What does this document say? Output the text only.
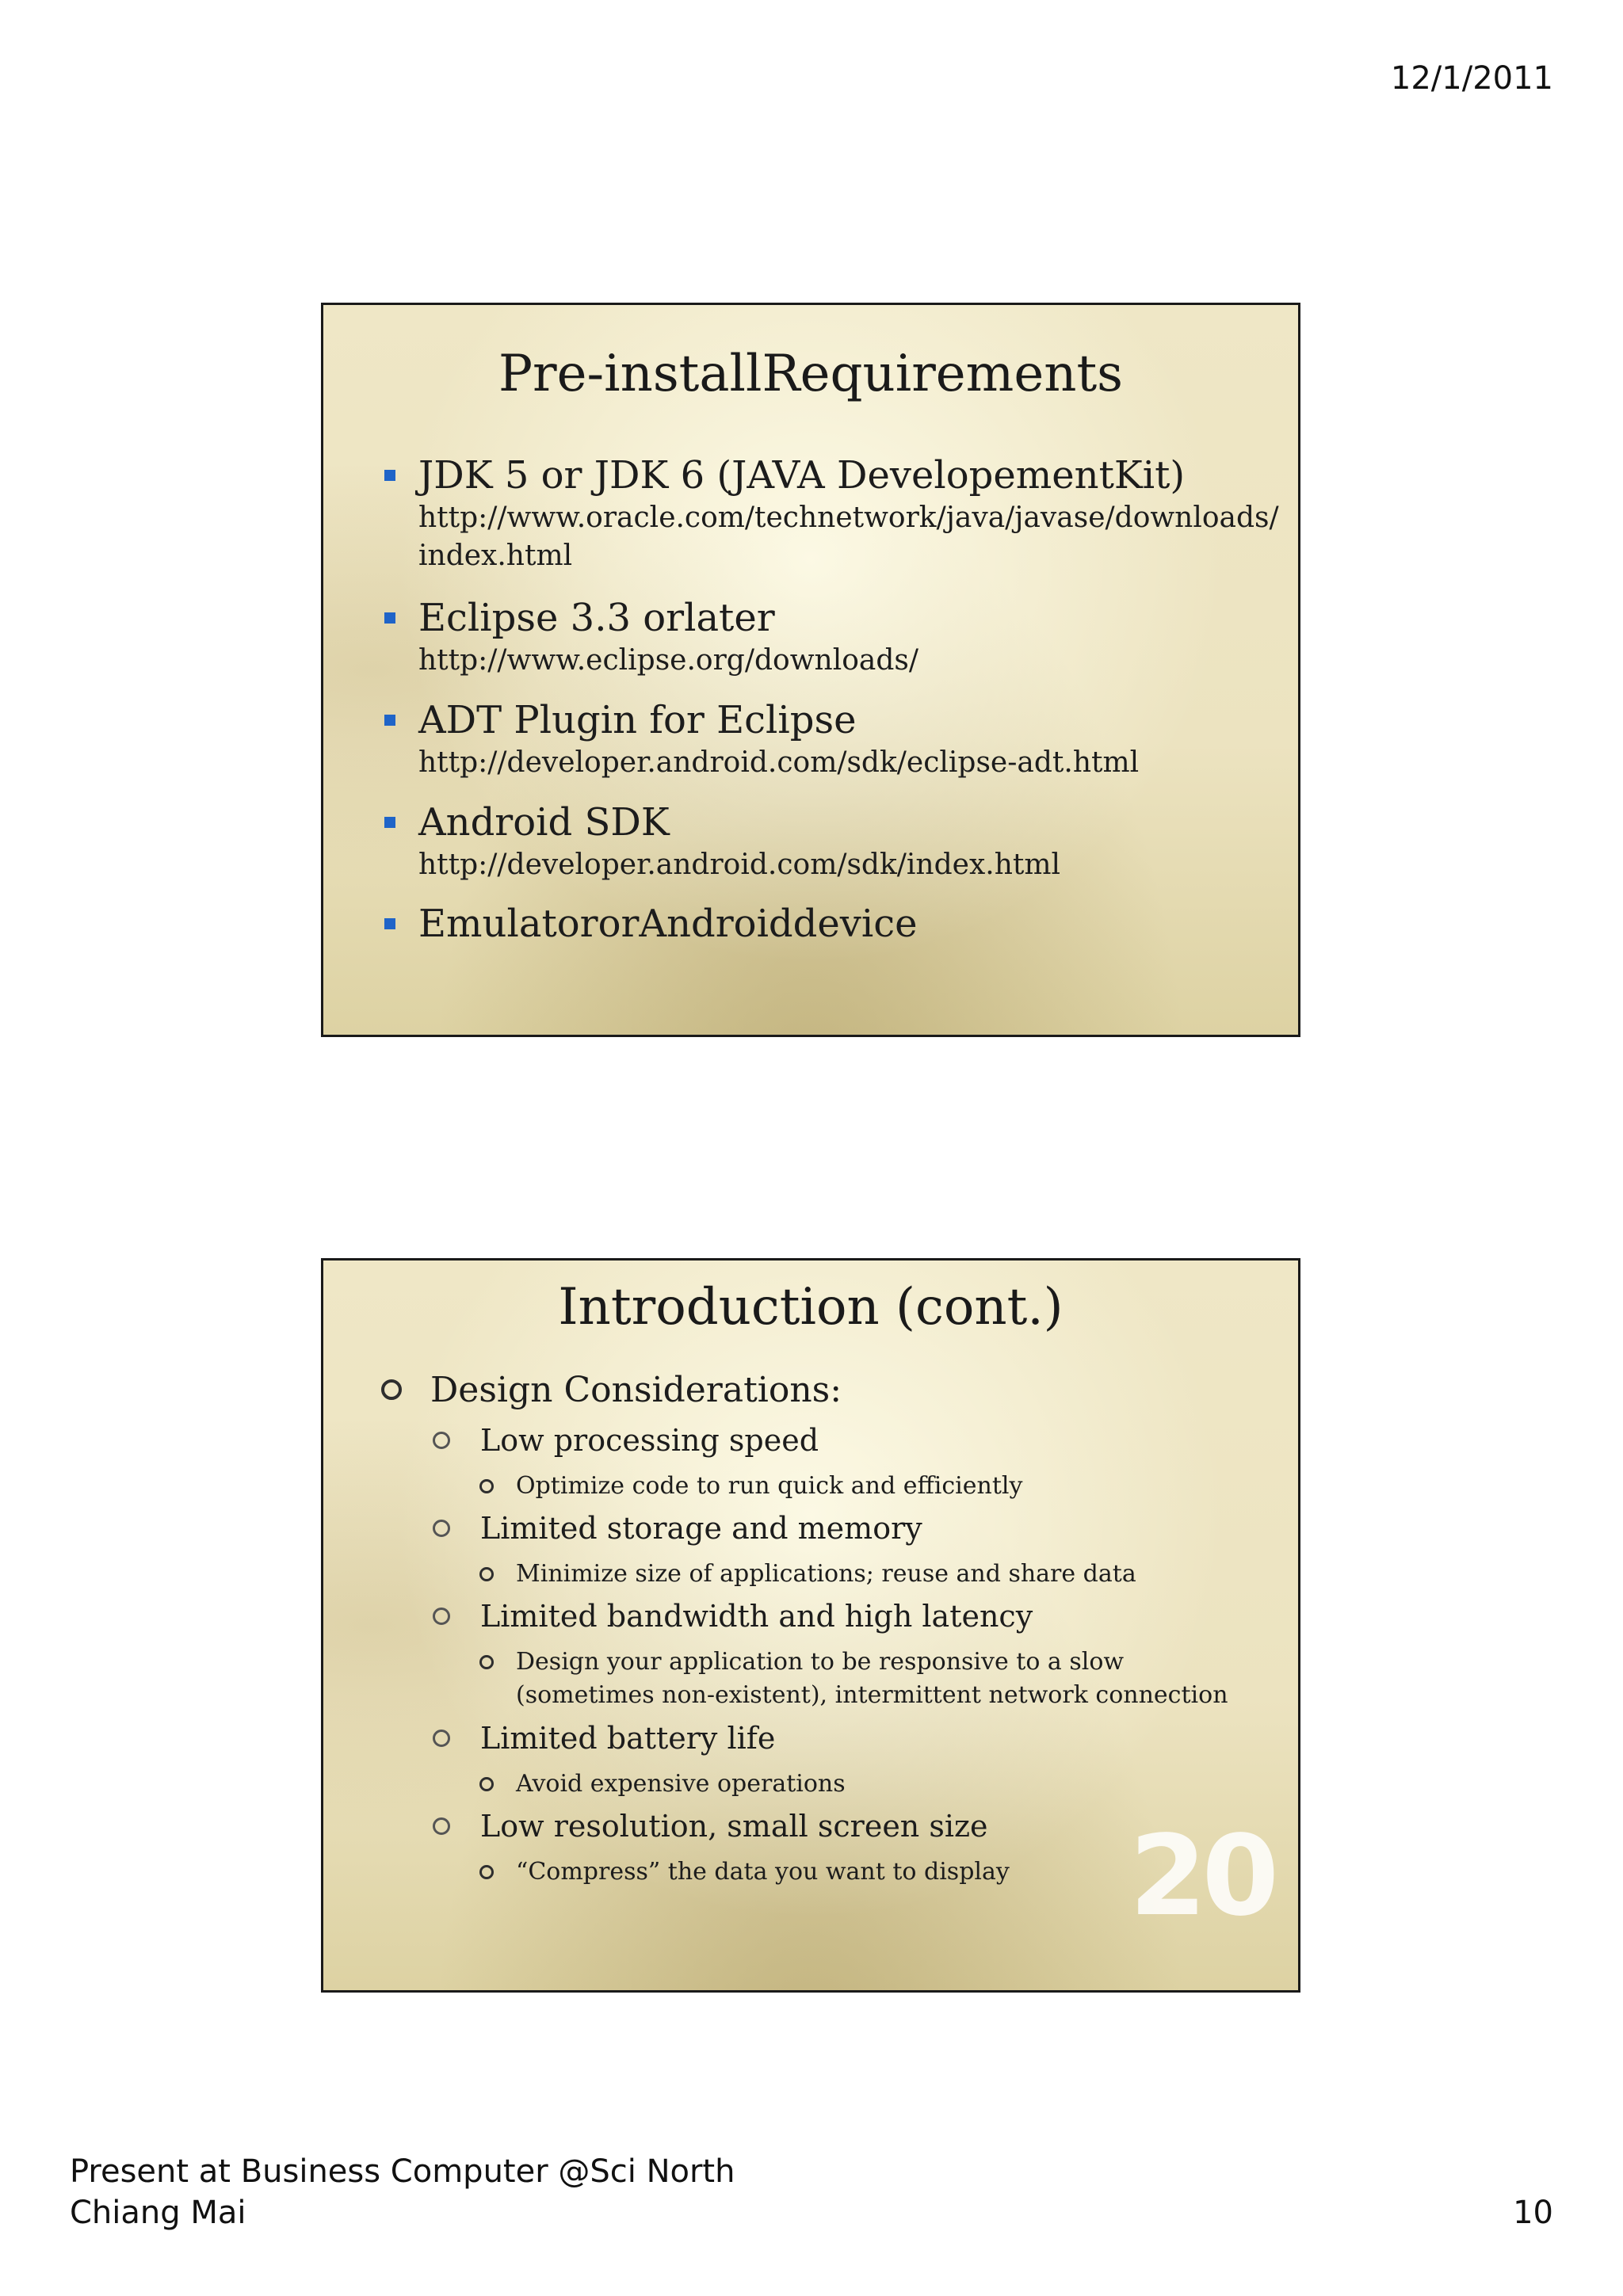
12/1/2011
Pre-installRequirements
JDK 5 or JDK 6 (JAVA DevelopementKit)
http://www.oracle.com/technetwork/java/javase/downloads/index.html
Eclipse 3.3 orlater
http://www.eclipse.org/downloads/
ADT Plugin for Eclipse
http://developer.android.com/sdk/eclipse-adt.html
Android SDK
http://developer.android.com/sdk/index.html
EmulatororAndroiddevice
Introduction (cont.)
Design Considerations:
Low processing speed
Optimize code to run quick and efficiently
Limited storage and memory
Minimize size of applications; reuse and share data
Limited bandwidth and high latency
Design your application to be responsive to a slow (sometimes non-existent), intermittent network connection
Limited battery life
Avoid expensive operations
Low resolution, small screen size
“Compress” the data you want to display	20
Present at Business Computer @Sci North
Chiang Mai	10
